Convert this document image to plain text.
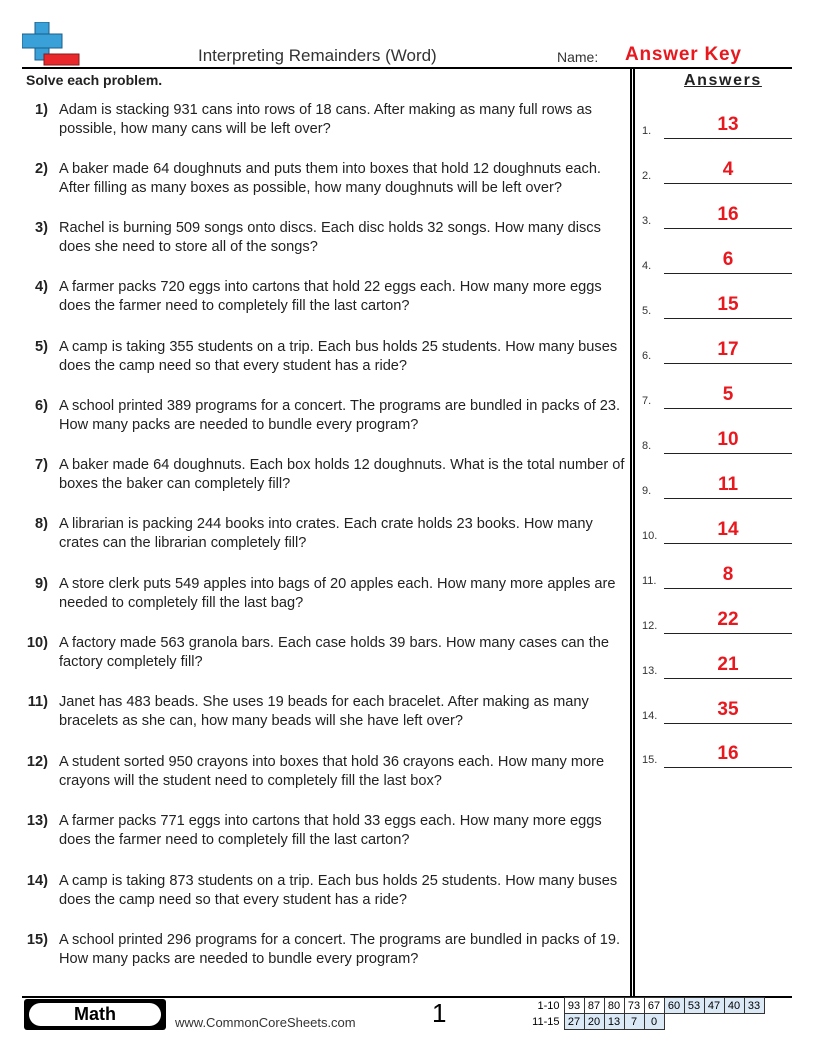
Interpreting Remainders (Word)	Name: Answer Key
Solve each problem.	Answers
1) Adam is stacking 931 cans into rows of 18 cans. After making as many full rows as possible, how many cans will be left over?
2) A baker made 64 doughnuts and puts them into boxes that hold 12 doughnuts each. After filling as many boxes as possible, how many doughnuts will be left over?
3) Rachel is burning 509 songs onto discs. Each disc holds 32 songs. How many discs does she need to store all of the songs?
4) A farmer packs 720 eggs into cartons that hold 22 eggs each. How many more eggs does the farmer need to completely fill the last carton?
5) A camp is taking 355 students on a trip. Each bus holds 25 students. How many buses does the camp need so that every student has a ride?
6) A school printed 389 programs for a concert. The programs are bundled in packs of 23. How many packs are needed to bundle every program?
7) A baker made 64 doughnuts. Each box holds 12 doughnuts. What is the total number of boxes the baker can completely fill?
8) A librarian is packing 244 books into crates. Each crate holds 23 books. How many crates can the librarian completely fill?
9) A store clerk puts 549 apples into bags of 20 apples each. How many more apples are needed to completely fill the last bag?
10) A factory made 563 granola bars. Each case holds 39 bars. How many cases can the factory completely fill?
11) Janet has 483 beads. She uses 19 beads for each bracelet. After making as many bracelets as she can, how many beads will she have left over?
12) A student sorted 950 crayons into boxes that hold 36 crayons each. How many more crayons will the student need to completely fill the last box?
13) A farmer packs 771 eggs into cartons that hold 33 eggs each. How many more eggs does the farmer need to completely fill the last carton?
14) A camp is taking 873 students on a trip. Each bus holds 25 students. How many buses does the camp need so that every student has a ride?
15) A school printed 296 programs for a concert. The programs are bundled in packs of 19. How many packs are needed to bundle every program?
1.	13
2.	4
3.	16
4.	6
5.	15
6.	17
7.	5
8.	10
9.	11
10.	14
11.	8
12.	22
13.	21
14.	35
15.	16
Math	www.CommonCoreSheets.com	1	1-10	93	87	80	73	67	60	53	47	40	33
11-15	27	20	13	7	0					
